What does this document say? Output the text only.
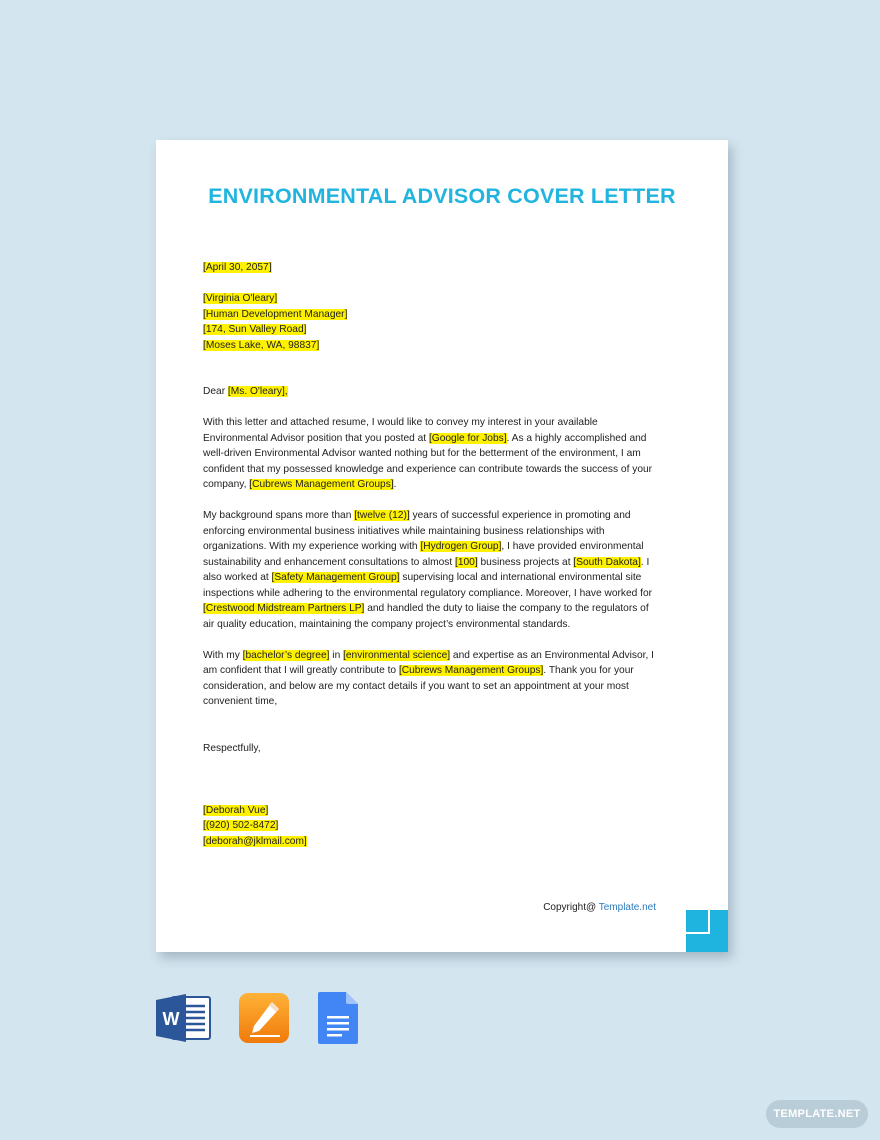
ENVIRONMENTAL ADVISOR COVER LETTER

[April 30, 2057]

[Virginia O'leary]

[Human Development Manager]

[174, Sun Valley Road]

[Moses Lake, WA, 98837]

Dear [Ms. O'leary],

With this letter and attached resume, I would like to convey my interest in your available Environmental Advisor position that you posted at [Google for Jobs]. As a highly accomplished and well-driven Environmental Advisor wanted nothing but for the betterment of the environment, I am confident that my possessed knowledge and experience can contribute towards the success of your company, [Cubrews Management Groups].

My background spans more than [twelve (12)] years of successful experience in promoting and enforcing environmental business initiatives while maintaining business relationships with organizations. With my experience working with [Hydrogen Group], I have provided environmental sustainability and enhancement consultations to almost [100] business projects at [South Dakota]. I also worked at [Safety Management Group] supervising local and international environmental site inspections while adhering to the environmental regulatory compliance. Moreover, I have worked for [Crestwood Midstream Partners LP] and handled the duty to liaise the company to the regulators of air quality education, maintaining the company project’s environmental standards.

With my [bachelor’s degree] in [environmental science] and expertise as an Environmental Advisor, I am confident that I will greatly contribute to [Cubrews Management Groups]. Thank you for your consideration, and below are my contact details if you want to set an appointment at your most convenient time,

Respectfully,

[Deborah Vue]

[(920) 502-8472]

[deborah@jklmail.com]

Copyright@ Template.net
W
TEMPLATE.NET
